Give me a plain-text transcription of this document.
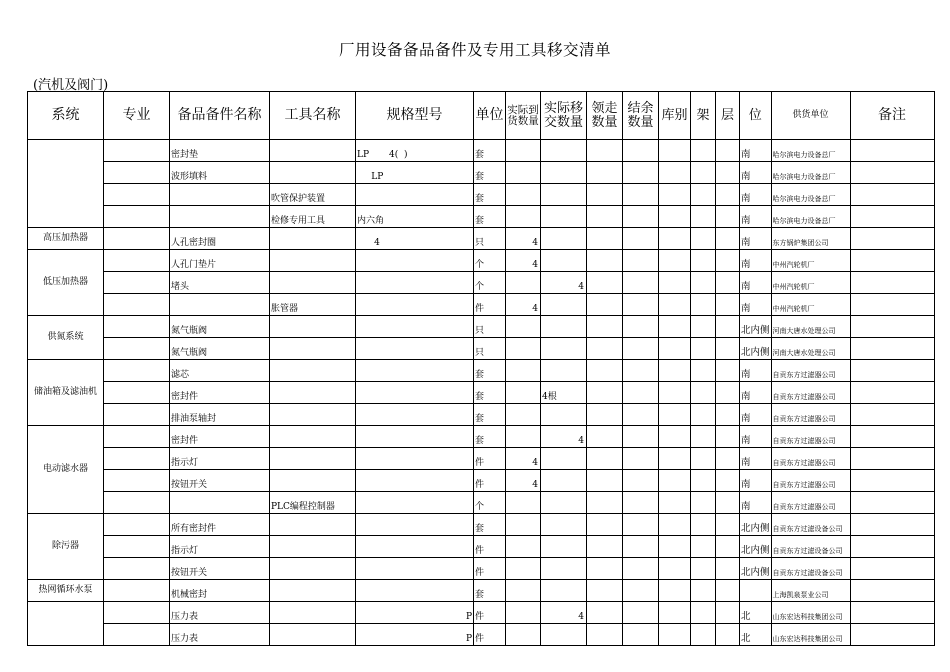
厂用设备备品备件及专用工具移交清单
(汽机及阀门)
系统	专业	备品备件名称	工具名称	规格型号	单位	实际到货数量	实际移交数量	领走数量	结余数量	库别	架	层	位	供货单位	备注
		密封垫		LP       4(  )	套								南	哈尔滨电力设备总厂	
		波形填料		LP	套								南	哈尔滨电力设备总厂	
			吹管保护装置		套								南	哈尔滨电力设备总厂	
			检修专用工具	内六角	套								南	哈尔滨电力设备总厂	
高压加热器		人孔密封圈		4	只	4							南	东方锅炉集团公司	
低压加热器		人孔门垫片			个	4							南	中州汽轮机厂	
		堵头			个		4						南	中州汽轮机厂	
			胀管器		件	4							南	中州汽轮机厂	
供氮系统		氮气瓶阀			只								北内侧	河南大唐水处理公司	
		氮气瓶阀			只								北内侧	河南大唐水处理公司	
储油箱及滤油机		滤芯			套								南	自贡东方过滤器公司	
		密封件			套		4根						南	自贡东方过滤器公司	
		排油泵轴封			套								南	自贡东方过滤器公司	
电动滤水器		密封件			套		4						南	自贡东方过滤器公司	
		指示灯			件	4							南	自贡东方过滤器公司	
		按钮开关			件	4							南	自贡东方过滤器公司	
			PLC编程控制器		个								南	自贡东方过滤器公司	
除污器		所有密封件			套								北内侧	自贡东方过滤设备公司	
		指示灯			件								北内侧	自贡东方过滤设备公司	
		按钮开关			件								北内侧	自贡东方过滤设备公司	
热网循环水泵		机械密封			套									上海凯泉泵业公司	
		压力表		P	件		4						北	山东宏达科技集团公司	
		压力表		P	件								北	山东宏达科技集团公司	
